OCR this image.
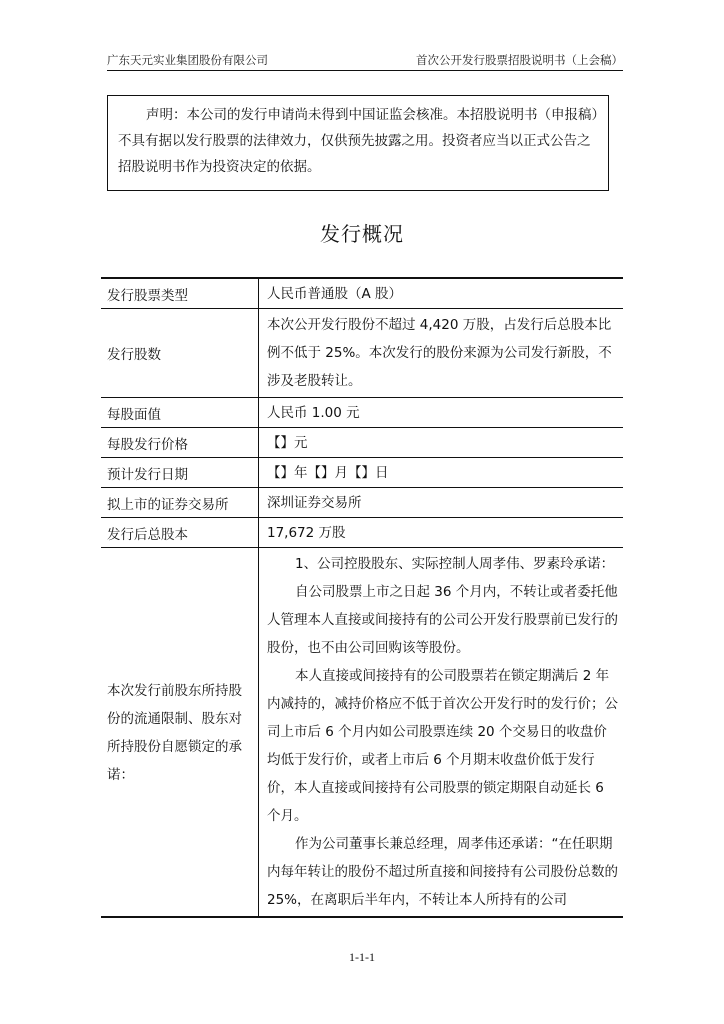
广东天元实业集团股份有限公司	首次公开发行股票招股说明书（上会稿）

声明：本公司的发行申请尚未得到中国证监会核准。本招股说明书（申报稿）不具有据以发行股票的法律效力，仅供预先披露之用。投资者应当以正式公告之招股说明书作为投资决定的依据。

发行概况
发行股票类型	人民币普通股（A 股）
发行股数	本次公开发行股份不超过 4,420 万股，占发行后总股本比例不低于 25%。本次发行的股份来源为公司发行新股，不涉及老股转让。
每股面值	人民币 1.00 元
每股发行价格	【】元
预计发行日期	【】年【】月【】日
拟上市的证券交易所	深圳证券交易所
发行后总股本	17,672 万股
本次发行前股东所持股份的流通限制、股东对所持股份自愿锁定的承诺：	1、公司控股股东、实际控制人周孝伟、罗素玲承诺：

自公司股票上市之日起 36 个月内，不转让或者委托他人管理本人直接或间接持有的公司公开发行股票前已发行的股份，也不由公司回购该等股份。

本人直接或间接持有的公司股票若在锁定期满后 2 年内减持的，减持价格应不低于首次公开发行时的发行价；公司上市后 6 个月内如公司股票连续 20 个交易日的收盘价均低于发行价，或者上市后 6 个月期末收盘价低于发行价，本人直接或间接持有公司股票的锁定期限自动延长 6 个月。

作为公司董事长兼总经理，周孝伟还承诺：“在任职期内每年转让的股份不超过所直接和间接持有公司股份总数的 25%，在离职后半年内，不转让本人所持有的公司

1-1-1
